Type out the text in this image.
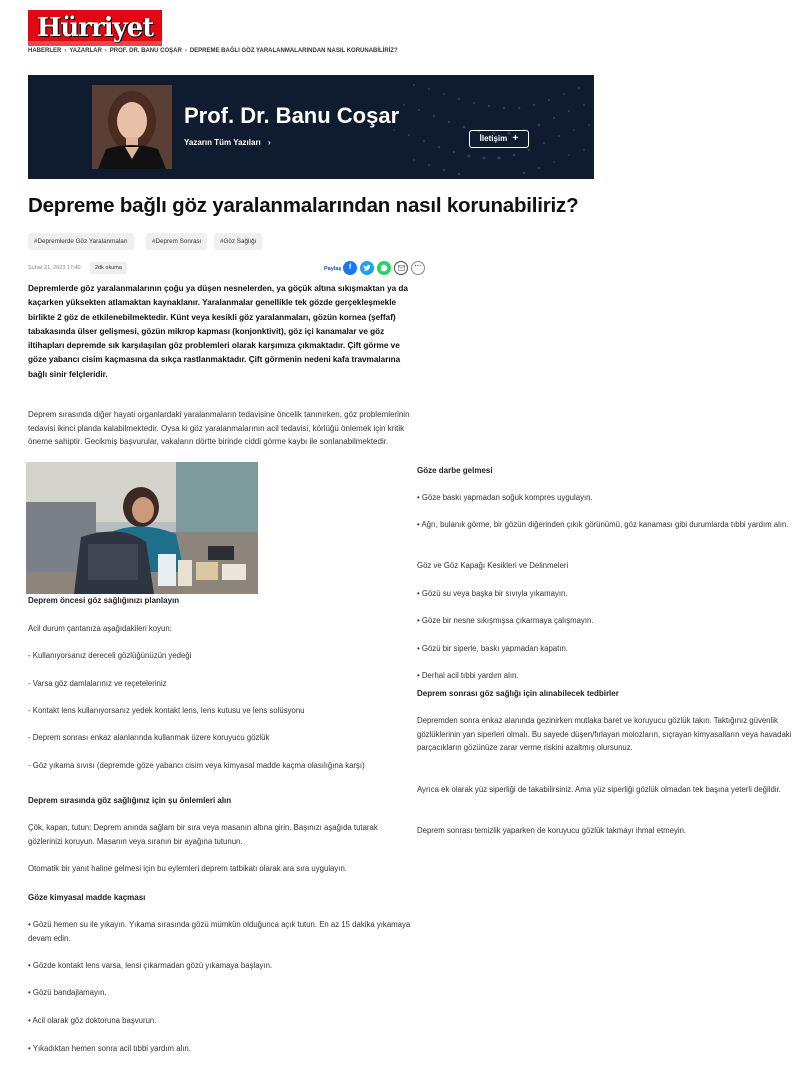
Hürriyet
HABERLER › YAZARLAR › PROF. DR. BANU COŞAR › DEPREME BAĞLI GÖZ YARALANMALARINDAN NASIL KORUNABİLİRİZ?
Prof. Dr. Banu Coşar
Yazarın Tüm Yazıları ›	İletişim +
Depreme bağlı göz yaralanmalarından nasıl korunabiliriz?
#Depremlerde Göz Yaralanmaları	#Deprem Sonrası	#Göz Sağlığı
Şubat 21, 2023 17:40	2dk okuma	Paylaş	f	···

Depremlerde göz yaralanmalarının çoğu ya düşen nesnelerden, ya göçük altına sıkışmaktan ya da kaçarken yüksekten atlamaktan kaynaklanır. Yaralanmalar genellikle tek gözde gerçekleşmekle birlikte 2 göz de etkilenebilmektedir. Künt veya kesikli göz yaralanmaları, gözün kornea (şeffaf) tabakasında ülser gelişmesi, gözün mikrop kapması (konjonktivit), göz içi kanamalar ve göz iltihapları depremde sık karşılaşılan göz problemleri olarak karşımıza çıkmaktadır. Çift görme ve göze yabancı cisim kaçmasına da sıkça rastlanmaktadır. Çift görmenin nedeni kafa travmalarına bağlı sinir felçleridir.

Deprem sırasında diğer hayati organlardaki yaralanmaların tedavisine öncelik tanınırken, göz problemlerinin tedavisi ikinci planda kalabilmektedir. Oysa ki göz yaralanmalarının acil tedavisi, körlüğü önlemek için kritik öneme sahiptir. Gecikmiş başvurular, vakaların dörtte birinde ciddi görme kaybı ile sonlanabilmektedir.

Deprem öncesi göz sağlığınızı planlayın

Acil durum çantanıza aşağıdakileri koyun:

- Kullanıyorsanız dereceli gözlüğünüzün yedeği

- Varsa göz damlalarınız ve reçeteleriniz

- Kontakt lens kullanıyorsanız yedek kontakt lens, lens kutusu ve lens solüsyonu

- Deprem sonrası enkaz alanlarında kullanmak üzere koruyucu gözlük

- Göz yıkama sıvısı (depremde göze yabancı cisim veya kimyasal madde kaçma olasılığına karşı)

Deprem sırasında göz sağlığınız için şu önlemleri alın

Çök, kapan, tutun: Deprem anında sağlam bir sıra veya masanın altına girin. Başınızı aşağıda tutarak gözlerinizi koruyun. Masanın veya sıranın bir ayağına tutunun.

Otomatik bir yanıt haline gelmesi için bu eylemleri deprem tatbikatı olarak ara sıra uygulayın.

Göze kimyasal madde kaçması

• Gözü hemen su ile yıkayın. Yıkama sırasında gözü mümkün olduğunca açık tutun. En az 15 dakika yıkamaya devam edin.

• Gözde kontakt lens varsa, lensi çıkarmadan gözü yıkamaya başlayın.

• Gözü bandajlamayın.

• Acil olarak göz doktoruna başvurun.

• Yıkadıktan hemen sonra acil tıbbi yardım alın.

Göze darbe gelmesi

• Göze baskı yapmadan soğuk kompres uygulayın.

• Ağrı, bulanık görme, bir gözün diğerinden çıkık görünümü, göz kanaması gibi durumlarda tıbbi yardım alın.

Göz ve Göz Kapağı Kesikleri ve Delinmeleri

• Gözü su veya başka bir sıvıyla yıkamayın.

• Göze bir nesne sıkışmışsa çıkarmaya çalışmayın.

• Gözü bir siperle, baskı yapmadan kapatın.

• Derhal acil tıbbi yardım alın.

Deprem sonrası göz sağlığı için alınabilecek tedbirler

Depremden sonra enkaz alanında gezinirken mutlaka baret ve koruyucu gözlük takın. Taktığınız güvenlik gözlüklerinin yan siperleri olmalı. Bu sayede düşen/fırlayan molozların, sıçrayan kimyasalların veya havadaki parçacıkların gözünüze zarar verme riskini azaltmış olursunuz.

Ayrıca ek olarak yüz siperliği de takabilirsiniz. Ama yüz siperliği gözlük olmadan tek başına yeterli değildir.

Deprem sonrası temizlik yaparken de koruyucu gözlük takmayı ihmal etmeyin.
